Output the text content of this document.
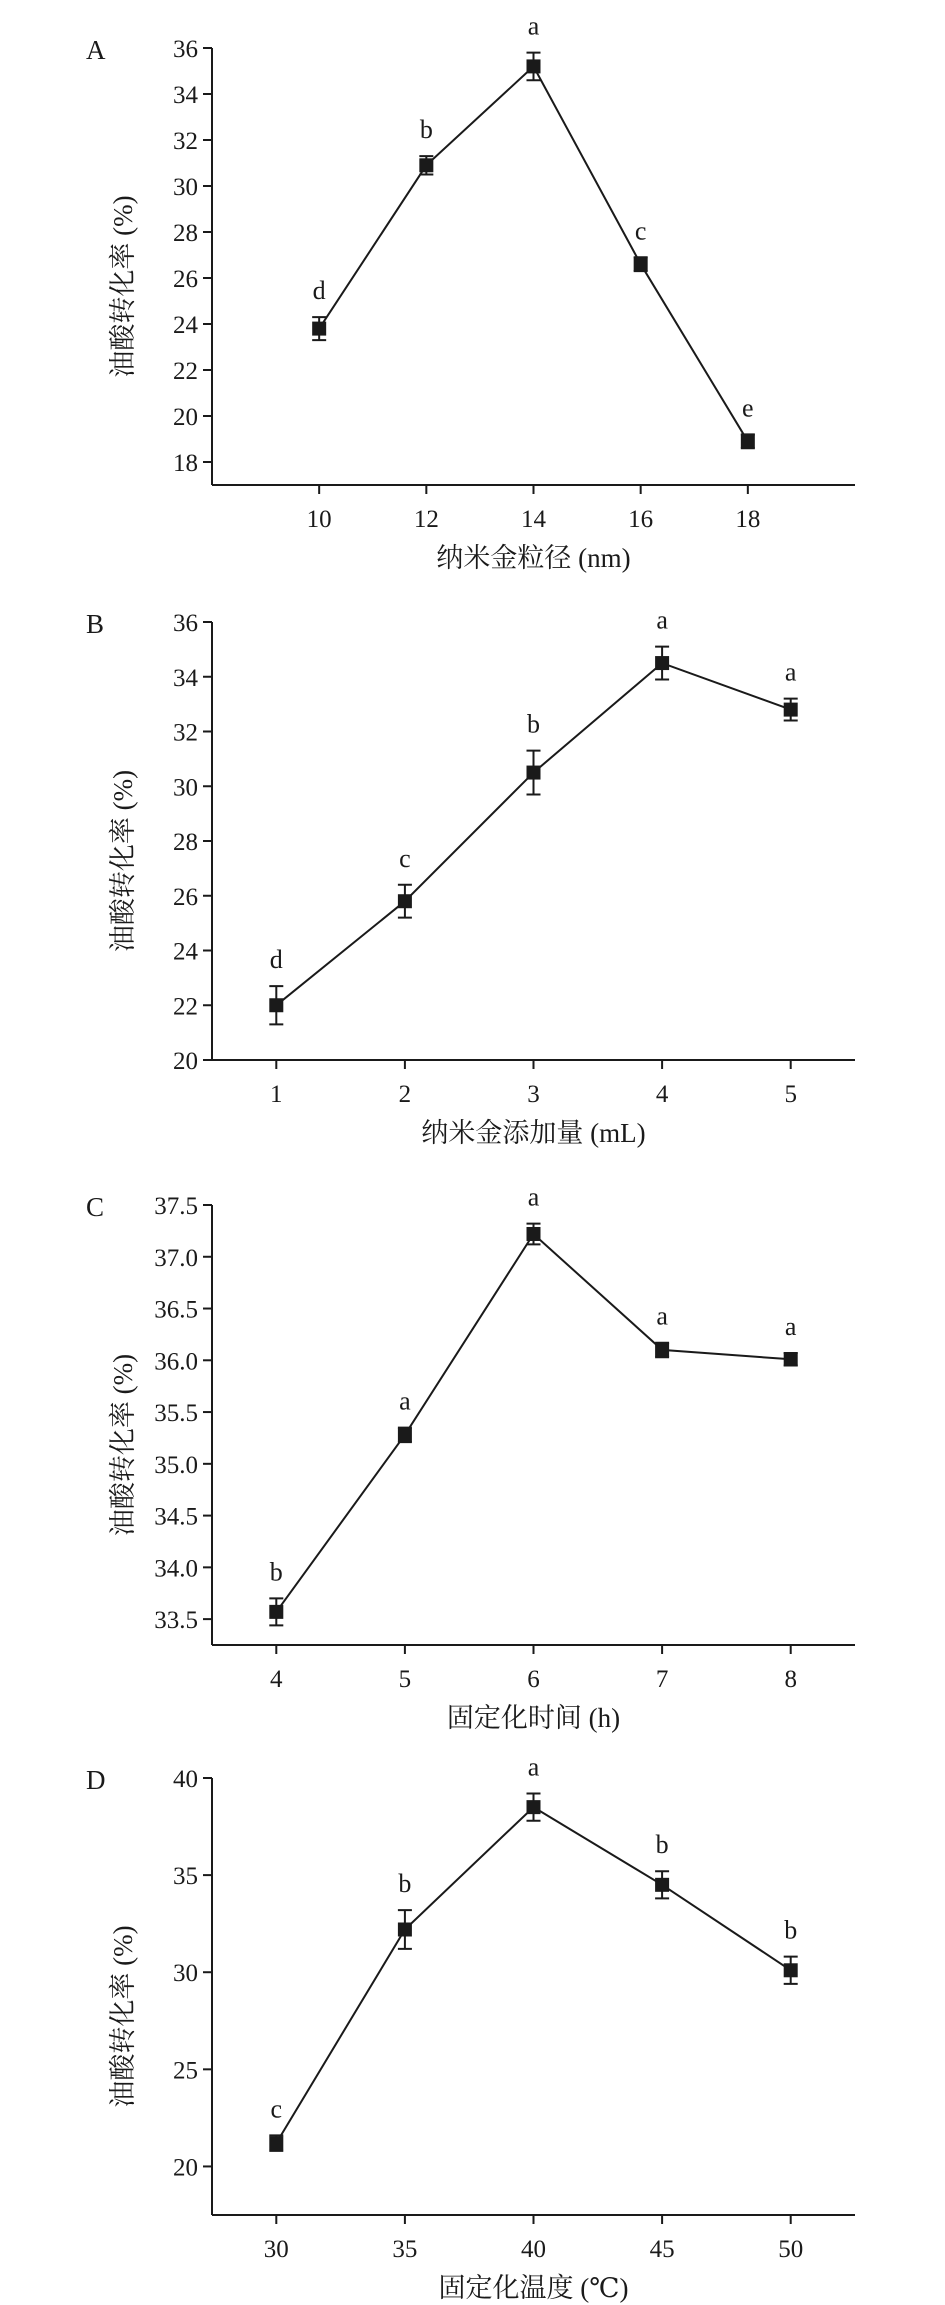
A
18
20
22
24
26
28
30
32
34
36
10	12	14	16	18
纳米金粒径 (nm)
油酸转化率 (%)	d
b
a
c
e
B
20
22
24
26
28
30
32
34
36
1	2	3	4	5
纳米金添加量 (mL)
油酸转化率 (%)
d
c
b
a
a
C
33.5
34.0
34.5
35.0
35.5
36.0
36.5
37.0
37.5
4	5	6	7	8
固定化时间 (h)
油酸转化率 (%)
b
a
a
a	a
D
20
25
30
35
40
30	35	40	45	50
固定化温度 (℃)
油酸转化率 (%)
c
b
a
b
b
